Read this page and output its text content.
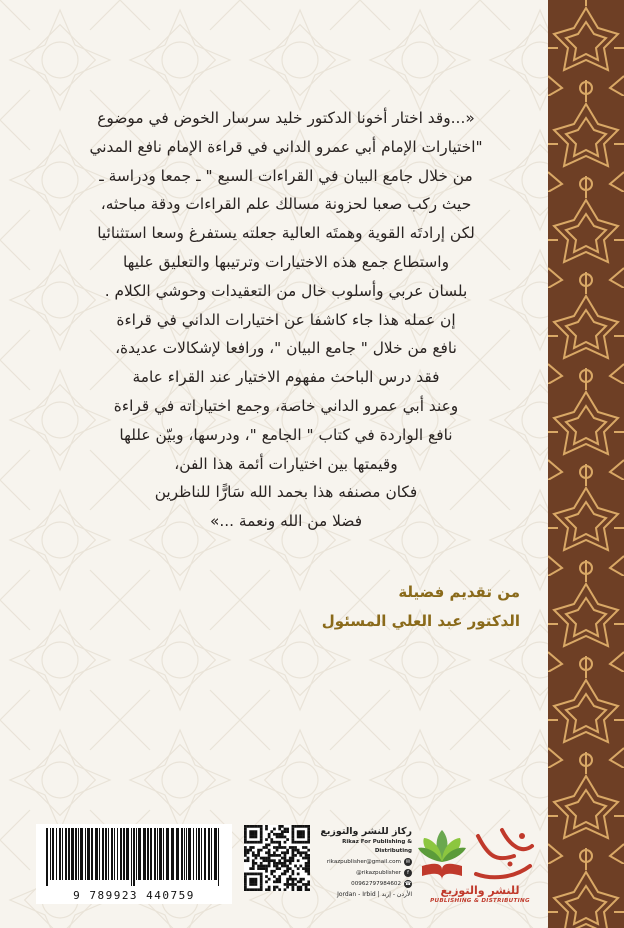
«...وقد اختار أخونا الدكتور خليد سرسار الخوض في موضوع
"اختيارات الإمام أبي عمرو الداني في قراءة الإمام نافع المدني
من خلال جامع البيان في القراءات السبع " ـ جمعا ودراسة ـ
حيث ركب صعبا لحزونة مسالك علم القراءات ودقة مباحثه،
لكن إرادتَه القوية وهمتَه العالية جعلته يستفرغ وسعا استثنائيا
واستطاع جمع هذه الاختيارات وترتيبها والتعليق عليها
بلسان عربي وأسلوب خال من التعقيدات وحوشي الكلام .
إن عمله هذا جاء كاشفا عن اختيارات الداني في قراءة
نافع من خلال " جامع البيان "، ورافعا لإشكالات عديدة،
فقد درس الباحث مفهوم الاختيار عند القراء عامة
وعند أبي عمرو الداني خاصة، وجمع اختياراته في قراءة
نافع الواردة في كتاب " الجامع "، ودرسها، وبيّن عللها
وقيمتها بين اختيارات أئمة هذا الفن،
فكان مصنفه هذا بحمد الله سَارًّا للناظرين
فضلا من الله ونعمة ...»
من تقديم فضيلة
الدكتور عبد العلي المسئول
9 789923 440759
ركاز للنشر والتوزيع
Rikaz For Publishing & Distributing
rikazpublisher@gmail.com ✉
@rikazpublisher	f
00962797984602 ☎
Jordan - Irbid | الأردن - إربد	للنشر والتوزيع
PUBLISHING & DISTRIBUTING
